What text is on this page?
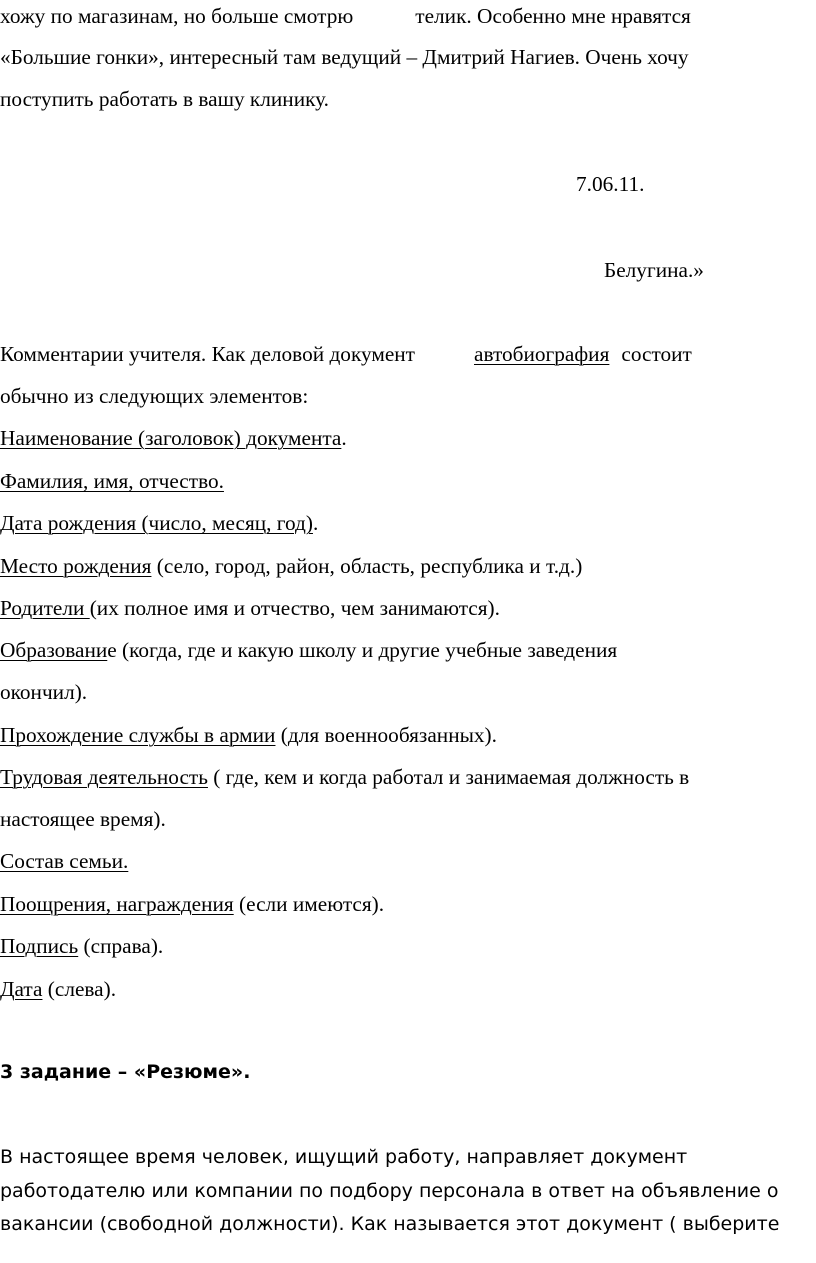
хожу по магазинам, но больше смотрю	телик. Особенно мне нравятся
«Большие гонки», интересный там ведущий – Дмитрий Нагиев. Очень хочу
поступить работать в вашу клинику.
7.06.11.
Белугина.»
Комментарии учителя. Как деловой документ	автобиография состоит
обычно из следующих элементов:
Наименование (заголовок) документа.
Фамилия, имя, отчество.
Дата рождения (число, месяц, год).
Место рождения (село, город, район, область, республика и т.д.)
Родители (их полное имя и отчество, чем занимаются).
Образование (когда, где и какую школу и другие учебные заведения
окончил).
Прохождение службы в армии (для военнообязанных).
Трудовая деятельность ( где, кем и когда работал и занимаемая должность в
настоящее время).
Состав семьи.
Поощрения, награждения (если имеются).
Подпись (справа).
Дата (слева).
3 задание – «Резюме».
В настоящее время человек, ищущий работу, направляет документ
работодателю или компании по подбору персонала в ответ на объявление о
вакансии (свободной должности). Как называется этот документ ( выберите
